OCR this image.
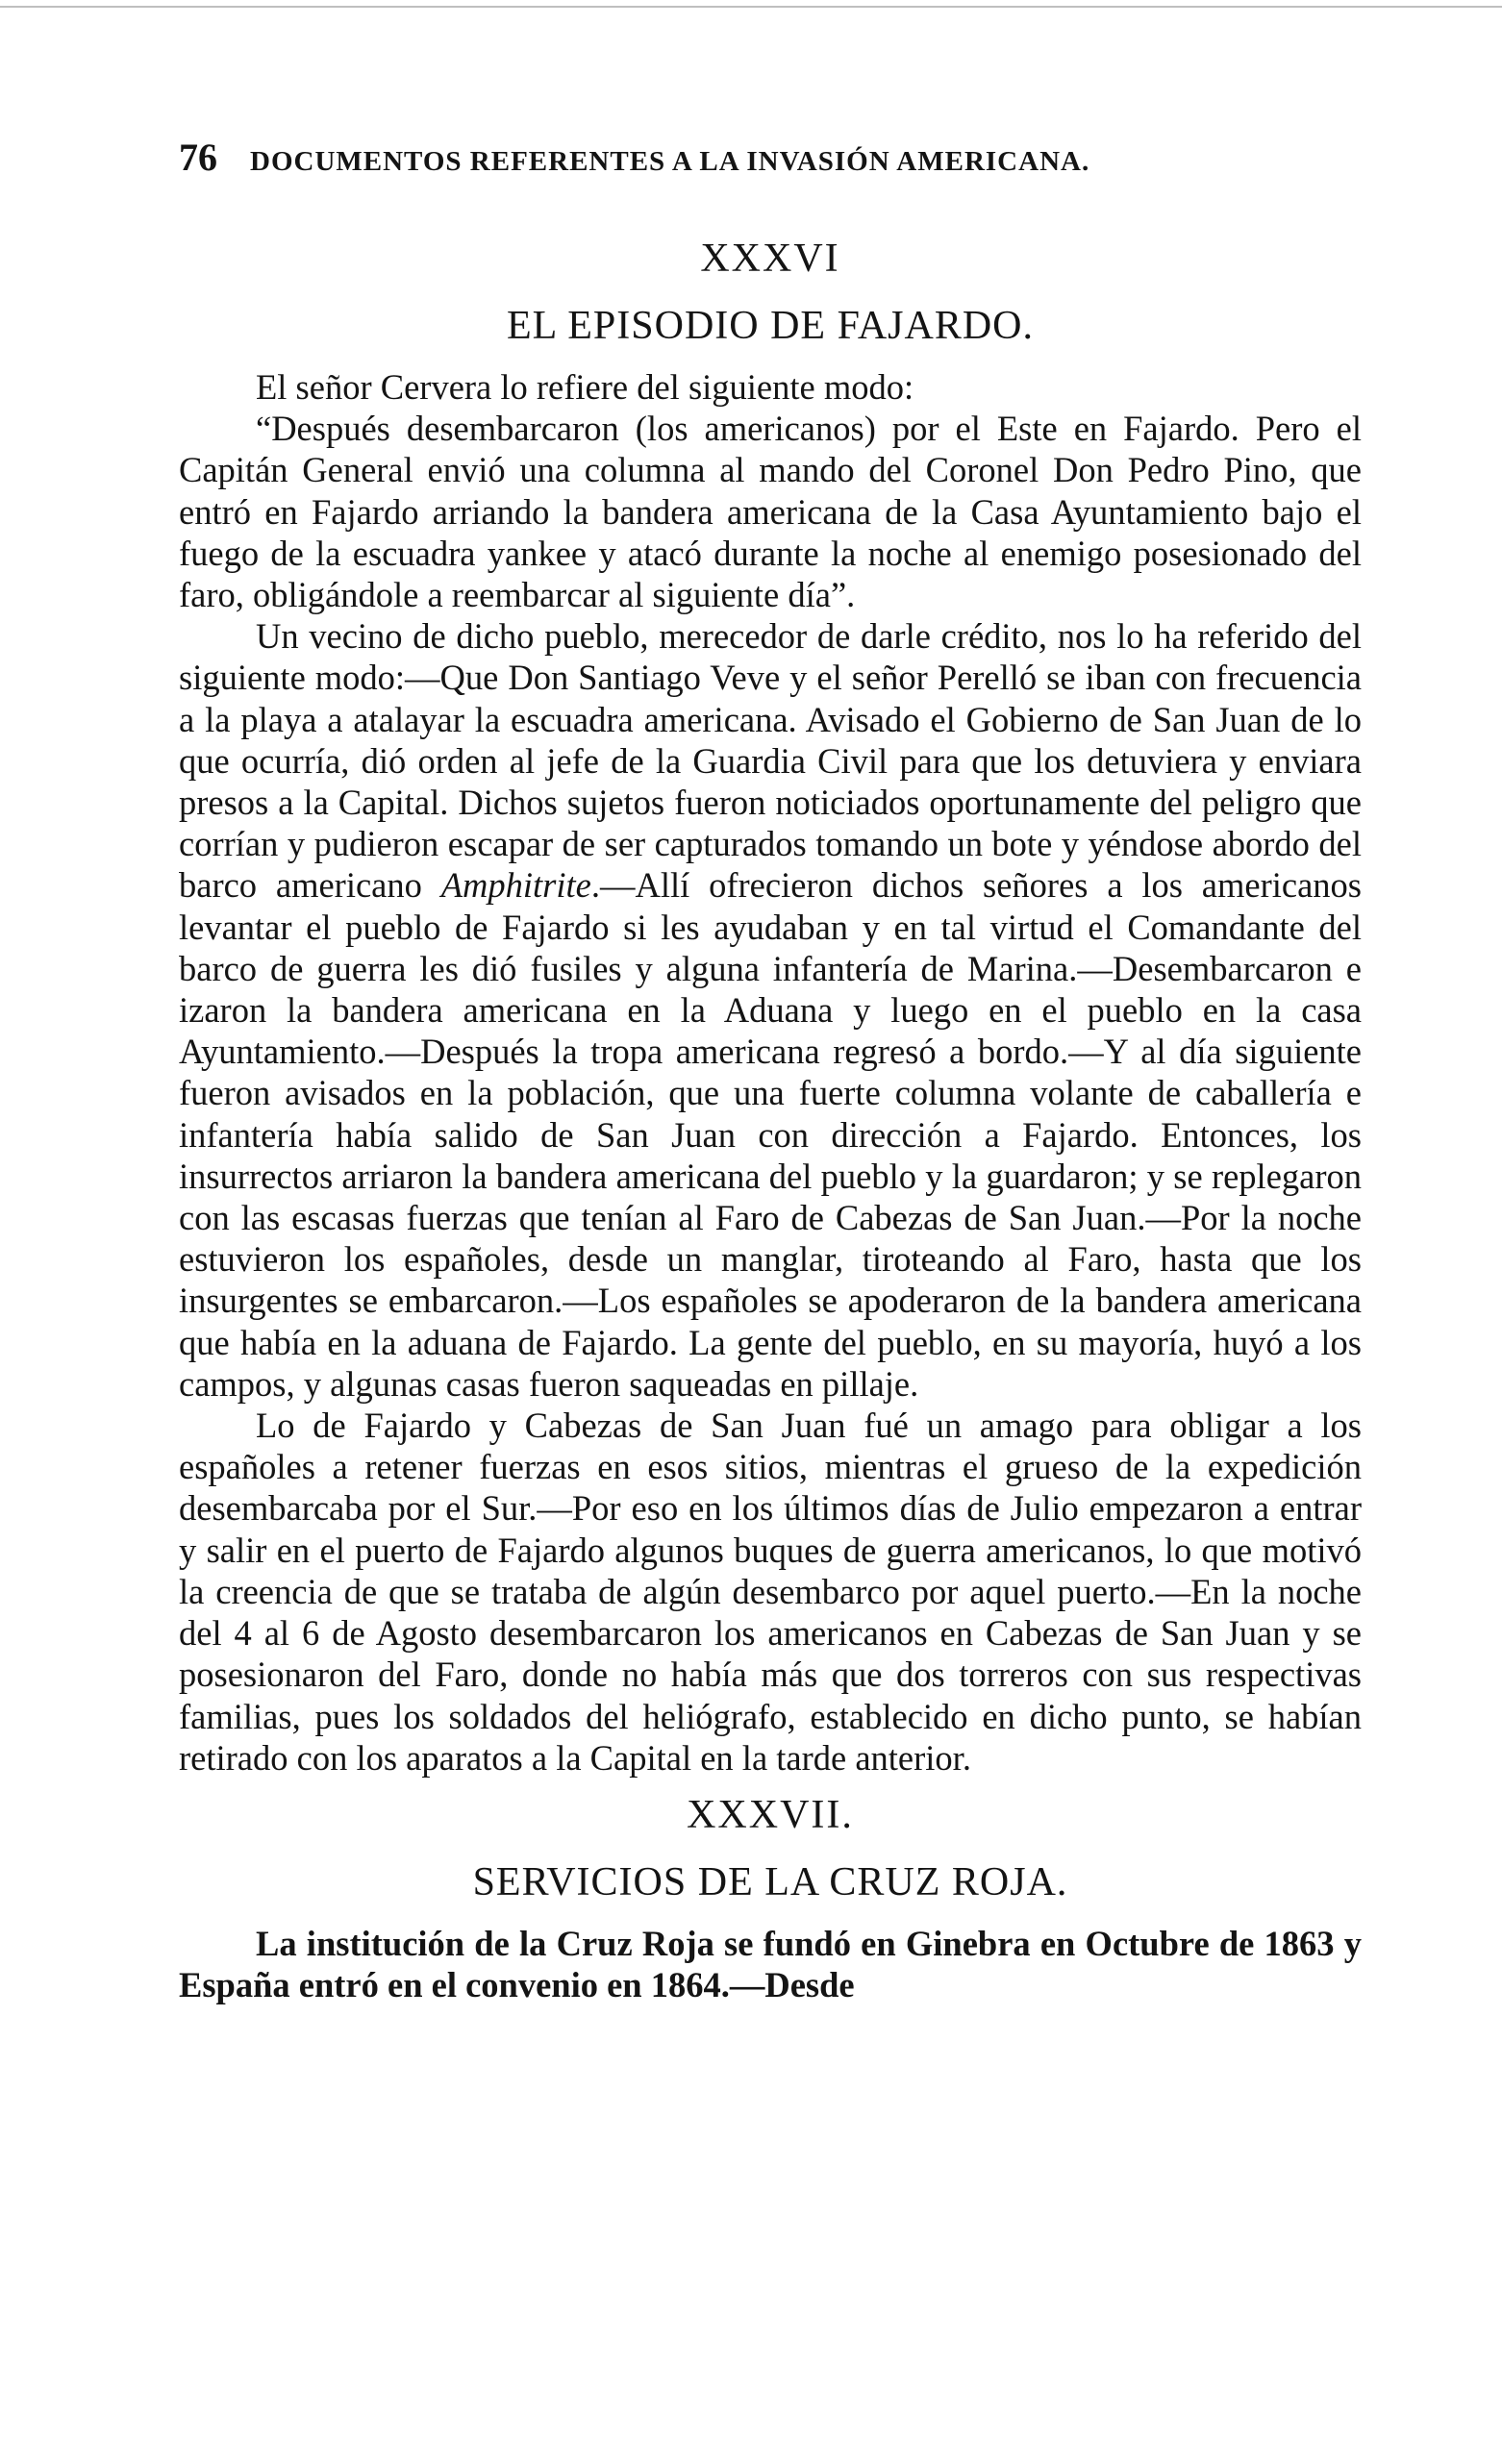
76 DOCUMENTOS REFERENTES A LA INVASIÓN AMERICANA.
XXXVI
EL EPISODIO DE FAJARDO.

El señor Cervera lo refiere del siguiente modo:

“Después desembarcaron (los americanos) por el Este en Fajardo. Pero el Capitán General envió una columna al mando del Coronel Don Pedro Pino, que entró en Fajardo arriando la bandera americana de la Casa Ayuntamiento bajo el fuego de la escuadra yankee y atacó durante la noche al enemigo posesionado del faro, obligándole a reembarcar al siguiente día”.

Un vecino de dicho pueblo, merecedor de darle crédito, nos lo ha referido del siguiente modo:—Que Don Santiago Veve y el señor Perelló se iban con frecuencia a la playa a atalayar la escuadra americana. Avisado el Gobierno de San Juan de lo que ocurría, dió orden al jefe de la Guardia Civil para que los detuviera y enviara presos a la Capital. Dichos sujetos fueron noticiados oportunamente del peligro que corrían y pudieron escapar de ser capturados tomando un bote y yéndose abordo del barco americano Amphitrite.—Allí ofrecieron dichos señores a los americanos levantar el pueblo de Fajardo si les ayudaban y en tal virtud el Comandante del barco de guerra les dió fusiles y alguna infantería de Marina.—Desembarcaron e izaron la bandera americana en la Aduana y luego en el pueblo en la casa Ayuntamiento.—Después la tropa americana regresó a bordo.—Y al día siguiente fueron avisados en la población, que una fuerte columna volante de caballería e infantería había salido de San Juan con dirección a Fajardo. Entonces, los insurrectos arriaron la bandera americana del pueblo y la guardaron; y se replegaron con las escasas fuerzas que tenían al Faro de Cabezas de San Juan.—Por la noche estuvieron los españoles, desde un manglar, tiroteando al Faro, hasta que los insurgentes se embarcaron.—Los españoles se apoderaron de la bandera americana que había en la aduana de Fajardo. La gente del pueblo, en su mayoría, huyó a los campos, y algunas casas fueron saqueadas en pillaje.

Lo de Fajardo y Cabezas de San Juan fué un amago para obligar a los españoles a retener fuerzas en esos sitios, mientras el grueso de la expedición desembarcaba por el Sur.—Por eso en los últimos días de Julio empezaron a entrar y salir en el puerto de Fajardo algunos buques de guerra americanos, lo que motivó la creencia de que se trataba de algún desembarco por aquel puerto.—En la noche del 4 al 6 de Agosto desembarcaron los americanos en Cabezas de San Juan y se posesionaron del Faro, donde no había más que dos torreros con sus respectivas familias, pues los soldados del heliógrafo, establecido en dicho punto, se habían retirado con los aparatos a la Capital en la tarde anterior.

XXXVII.
SERVICIOS DE LA CRUZ ROJA.

La institución de la Cruz Roja se fundó en Ginebra en Octubre de 1863 y España entró en el convenio en 1864.—Desde
